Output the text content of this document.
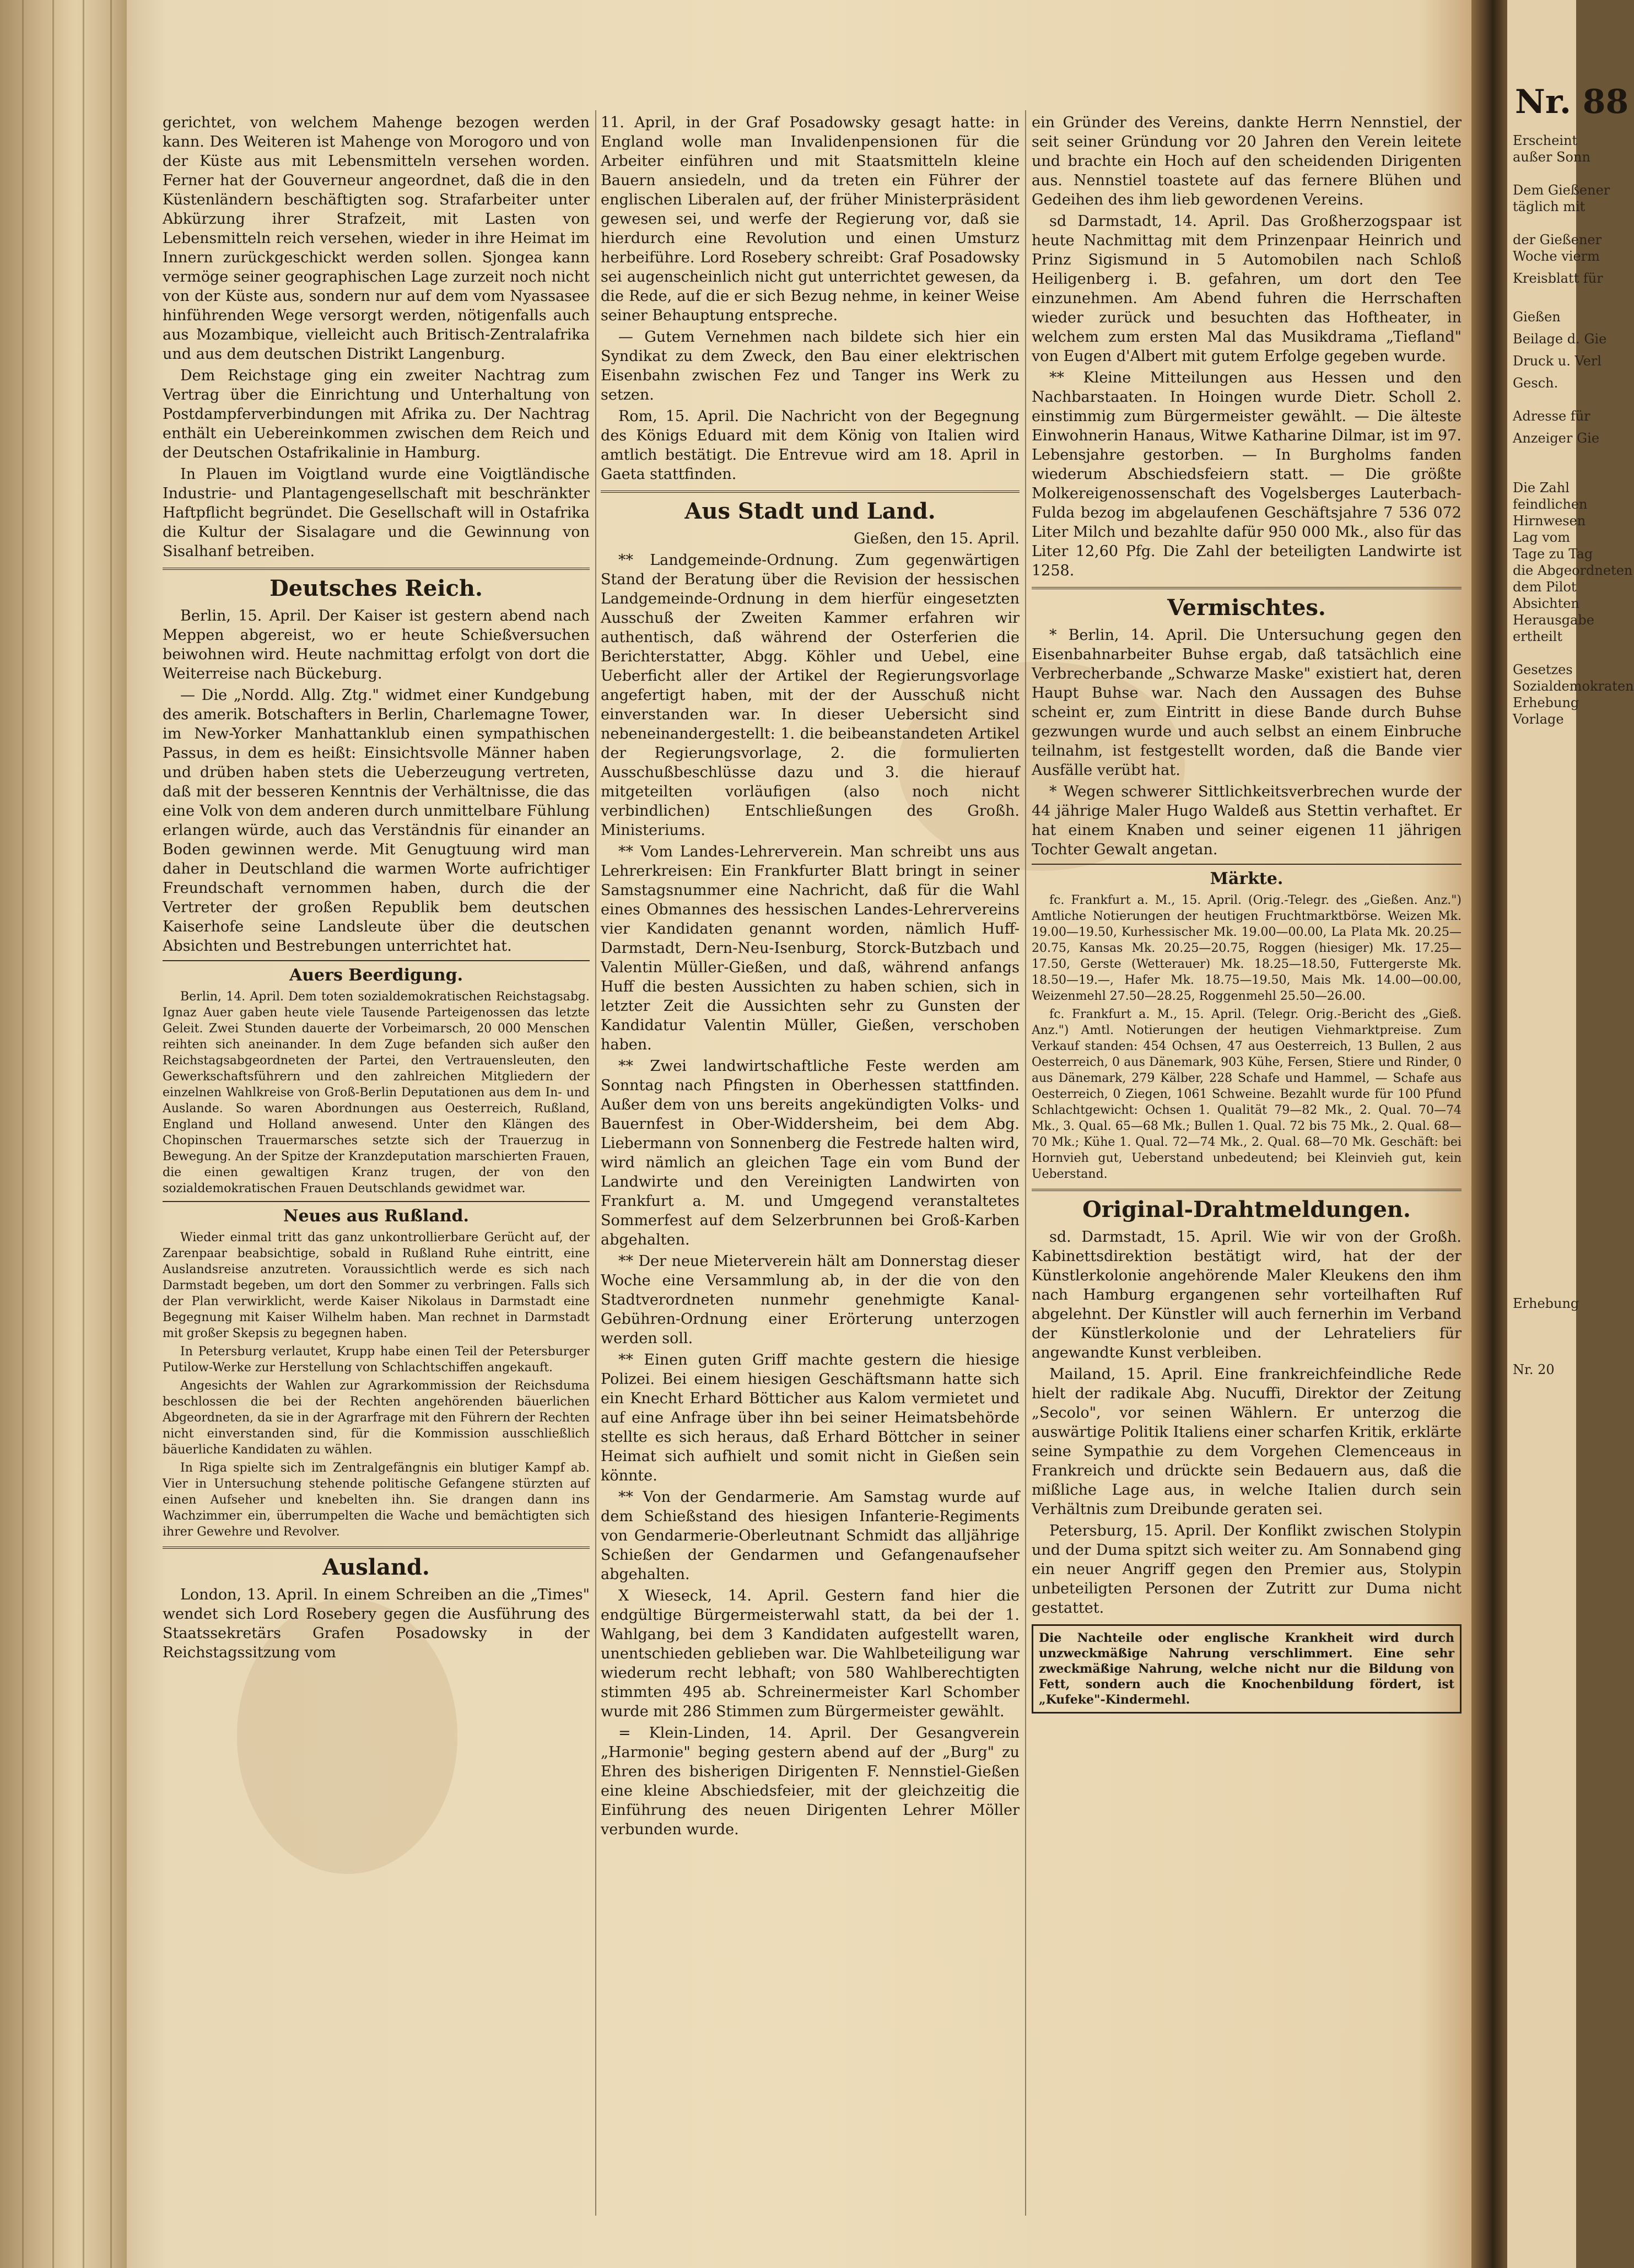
gerichtet, von welchem Mahenge bezogen werden kann. Des Weiteren ist Mahenge von Morogoro und von der Küste aus mit Lebensmitteln versehen worden. Ferner hat der Gouverneur angeordnet, daß die in den Küstenländern beschäftigten sog. Strafarbeiter unter Abkürzung ihrer Strafzeit, mit Lasten von Lebensmitteln reich versehen, wieder in ihre Heimat im Innern zurückgeschickt werden sollen. Sjongea kann vermöge seiner geographischen Lage zurzeit noch nicht von der Küste aus, sondern nur auf dem vom Nyassasee hinführenden Wege versorgt werden, nötigenfalls auch aus Mozambique, vielleicht auch Britisch-Zentralafrika und aus dem deutschen Distrikt Langenburg.

Dem Reichstage ging ein zweiter Nachtrag zum Vertrag über die Einrichtung und Unterhaltung von Postdampferverbindungen mit Afrika zu. Der Nachtrag enthält ein Uebereinkommen zwischen dem Reich und der Deutschen Ostafrikalinie in Hamburg.

In Plauen im Voigtland wurde eine Voigtländische Industrie- und Plantagengesellschaft mit beschränkter Haftpflicht begründet. Die Gesellschaft will in Ostafrika die Kultur der Sisalagare und die Gewinnung von Sisalhanf betreiben.

Deutsches Reich.

Berlin, 15. April. Der Kaiser ist gestern abend nach Meppen abgereist, wo er heute Schießversuchen beiwohnen wird. Heute nachmittag erfolgt von dort die Weiterreise nach Bückeburg.

— Die „Nordd. Allg. Ztg." widmet einer Kundgebung des amerik. Botschafters in Berlin, Charlemagne Tower, im New-Yorker Manhattanklub einen sympathischen Passus, in dem es heißt: Einsichtsvolle Männer haben und drüben haben stets die Ueberzeugung vertreten, daß mit der besseren Kenntnis der Verhältnisse, die das eine Volk von dem anderen durch unmittelbare Fühlung erlangen würde, auch das Verständnis für einander an Boden gewinnen werde. Mit Genugtuung wird man daher in Deutschland die warmen Worte aufrichtiger Freundschaft vernommen haben, durch die der Vertreter der großen Republik bem deutschen Kaiserhofe seine Landsleute über die deutschen Absichten und Bestrebungen unterrichtet hat.

Auers Beerdigung.

Berlin, 14. April. Dem toten sozialdemokratischen Reichstagsabg. Ignaz Auer gaben heute viele Tausende Parteigenossen das letzte Geleit. Zwei Stunden dauerte der Vorbeimarsch, 20 000 Menschen reihten sich aneinander. In dem Zuge befanden sich außer den Reichstagsabgeordneten der Partei, den Vertrauensleuten, den Gewerkschaftsführern und den zahlreichen Mitgliedern der einzelnen Wahlkreise von Groß-Berlin Deputationen aus dem In- und Auslande. So waren Abordnungen aus Oesterreich, Rußland, England und Holland anwesend. Unter den Klängen des Chopinschen Trauermarsches setzte sich der Trauerzug in Bewegung. An der Spitze der Kranzdeputation marschierten Frauen, die einen gewaltigen Kranz trugen, der von den sozialdemokratischen Frauen Deutschlands gewidmet war.

Neues aus Rußland.

Wieder einmal tritt das ganz unkontrollierbare Gerücht auf, der Zarenpaar beabsichtige, sobald in Rußland Ruhe eintritt, eine Auslandsreise anzutreten. Voraussichtlich werde es sich nach Darmstadt begeben, um dort den Sommer zu verbringen. Falls sich der Plan verwirklicht, werde Kaiser Nikolaus in Darmstadt eine Begegnung mit Kaiser Wilhelm haben. Man rechnet in Darmstadt mit großer Skepsis zu begegnen haben.

In Petersburg verlautet, Krupp habe einen Teil der Petersburger Putilow-Werke zur Herstellung von Schlachtschiffen angekauft.

Angesichts der Wahlen zur Agrarkommission der Reichsduma beschlossen die bei der Rechten angehörenden bäuerlichen Abgeordneten, da sie in der Agrarfrage mit den Führern der Rechten nicht einverstanden sind, für die Kommission ausschließlich bäuerliche Kandidaten zu wählen.

In Riga spielte sich im Zentralgefängnis ein blutiger Kampf ab. Vier in Untersuchung stehende politische Gefangene stürzten auf einen Aufseher und knebelten ihn. Sie drangen dann ins Wachzimmer ein, überrumpelten die Wache und bemächtigten sich ihrer Gewehre und Revolver.

Ausland.

London, 13. April. In einem Schreiben an die „Times" wendet sich Lord Rosebery gegen die Ausführung des Staatssekretärs Grafen Posadowsky in der Reichstagssitzung vom

11. April, in der Graf Posadowsky gesagt hatte: in England wolle man Invalidenpensionen für die Arbeiter einführen und mit Staatsmitteln kleine Bauern ansiedeln, und da treten ein Führer der englischen Liberalen auf, der früher Ministerpräsident gewesen sei, und werfe der Regierung vor, daß sie hierdurch eine Revolution und einen Umsturz herbeiführe. Lord Rosebery schreibt: Graf Posadowsky sei augenscheinlich nicht gut unterrichtet gewesen, da die Rede, auf die er sich Bezug nehme, in keiner Weise seiner Behauptung entspreche.

— Gutem Vernehmen nach bildete sich hier ein Syndikat zu dem Zweck, den Bau einer elektrischen Eisenbahn zwischen Fez und Tanger ins Werk zu setzen.

Rom, 15. April. Die Nachricht von der Begegnung des Königs Eduard mit dem König von Italien wird amtlich bestätigt. Die Entrevue wird am 18. April in Gaeta stattfinden.

Aus Stadt und Land.

Gießen, den 15. April.

** Landgemeinde-Ordnung. Zum gegenwärtigen Stand der Beratung über die Revision der hessischen Landgemeinde-Ordnung in dem hierfür eingesetzten Ausschuß der Zweiten Kammer erfahren wir authentisch, daß während der Osterferien die Berichterstatter, Abgg. Köhler und Uebel, eine Ueberficht aller der Artikel der Regierungsvorlage angefertigt haben, mit der der Ausschuß nicht einverstanden war. In dieser Uebersicht sind nebeneinandergestellt: 1. die beibeanstandeten Artikel der Regierungsvorlage, 2. die formulierten Ausschußbeschlüsse dazu und 3. die hierauf mitgeteilten vorläufigen (also noch nicht verbindlichen) Entschließungen des Großh. Ministeriums.

** Vom Landes-Lehrerverein. Man schreibt uns aus Lehrerkreisen: Ein Frankfurter Blatt bringt in seiner Samstagsnummer eine Nachricht, daß für die Wahl eines Obmannes des hessischen Landes-Lehrervereins vier Kandidaten genannt worden, nämlich Huff-Darmstadt, Dern-Neu-Isenburg, Storck-Butzbach und Valentin Müller-Gießen, und daß, während anfangs Huff die besten Aussichten zu haben schien, sich in letzter Zeit die Aussichten sehr zu Gunsten der Kandidatur Valentin Müller, Gießen, verschoben haben.

** Zwei landwirtschaftliche Feste werden am Sonntag nach Pfingsten in Oberhessen stattfinden. Außer dem von uns bereits angekündigten Volks- und Bauernfest in Ober-Widdersheim, bei dem Abg. Liebermann von Sonnenberg die Festrede halten wird, wird nämlich an gleichen Tage ein vom Bund der Landwirte und den Vereinigten Landwirten von Frankfurt a. M. und Umgegend veranstaltetes Sommerfest auf dem Selzerbrunnen bei Groß-Karben abgehalten.

** Der neue Mieterverein hält am Donnerstag dieser Woche eine Versammlung ab, in der die von den Stadtverordneten nunmehr genehmigte Kanal-Gebühren-Ordnung einer Erörterung unterzogen werden soll.

** Einen guten Griff machte gestern die hiesige Polizei. Bei einem hiesigen Geschäftsmann hatte sich ein Knecht Erhard Bötticher aus Kalom vermietet und auf eine Anfrage über ihn bei seiner Heimatsbehörde stellte es sich heraus, daß Erhard Böttcher in seiner Heimat sich aufhielt und somit nicht in Gießen sein könnte.

** Von der Gendarmerie. Am Samstag wurde auf dem Schießstand des hiesigen Infanterie-Regiments von Gendarmerie-Oberleutnant Schmidt das alljährige Schießen der Gendarmen und Gefangenaufseher abgehalten.

X Wieseck, 14. April. Gestern fand hier die endgültige Bürgermeisterwahl statt, da bei der 1. Wahlgang, bei dem 3 Kandidaten aufgestellt waren, unentschieden geblieben war. Die Wahlbeteiligung war wiederum recht lebhaft; von 580 Wahlberechtigten stimmten 495 ab. Schreinermeister Karl Schomber wurde mit 286 Stimmen zum Bürgermeister gewählt.

= Klein-Linden, 14. April. Der Gesangverein „Harmonie" beging gestern abend auf der „Burg" zu Ehren des bisherigen Dirigenten F. Nennstiel-Gießen eine kleine Abschiedsfeier, mit der gleichzeitig die Einführung des neuen Dirigenten Lehrer Möller verbunden wurde.

ein Gründer des Vereins, dankte Herrn Nennstiel, der seit seiner Gründung vor 20 Jahren den Verein leitete und brachte ein Hoch auf den scheidenden Dirigenten aus. Nennstiel toastete auf das fernere Blühen und Gedeihen des ihm lieb gewordenen Vereins.

sd Darmstadt, 14. April. Das Großherzogspaar ist heute Nachmittag mit dem Prinzenpaar Heinrich und Prinz Sigismund in 5 Automobilen nach Schloß Heiligenberg i. B. gefahren, um dort den Tee einzunehmen. Am Abend fuhren die Herrschaften wieder zurück und besuchten das Hoftheater, in welchem zum ersten Mal das Musikdrama „Tiefland" von Eugen d'Albert mit gutem Erfolge gegeben wurde.

** Kleine Mitteilungen aus Hessen und den Nachbarstaaten. In Hoingen wurde Dietr. Scholl 2. einstimmig zum Bürgermeister gewählt. — Die älteste Einwohnerin Hanaus, Witwe Katharine Dilmar, ist im 97. Lebensjahre gestorben. — In Burgholms fanden wiederum Abschiedsfeiern statt. — Die größte Molkereigenossenschaft des Vogelsberges Lauterbach-Fulda bezog im abgelaufenen Geschäftsjahre 7 536 072 Liter Milch und bezahlte dafür 950 000 Mk., also für das Liter 12,60 Pfg. Die Zahl der beteiligten Landwirte ist 1258.

Vermischtes.

* Berlin, 14. April. Die Untersuchung gegen den Eisenbahnarbeiter Buhse ergab, daß tatsächlich eine Verbrecherbande „Schwarze Maske" existiert hat, deren Haupt Buhse war. Nach den Aussagen des Buhse scheint er, zum Eintritt in diese Bande durch Buhse gezwungen wurde und auch selbst an einem Einbruche teilnahm, ist festgestellt worden, daß die Bande vier Ausfälle verübt hat.

* Wegen schwerer Sittlichkeitsverbrechen wurde der 44 jährige Maler Hugo Waldeß aus Stettin verhaftet. Er hat einem Knaben und seiner eigenen 11 jährigen Tochter Gewalt angetan.

Märkte.

fc. Frankfurt a. M., 15. April. (Orig.-Telegr. des „Gießen. Anz.") Amtliche Notierungen der heutigen Fruchtmarktbörse. Weizen Mk. 19.00—19.50, Kurhessischer Mk. 19.00—00.00, La Plata Mk. 20.25—20.75, Kansas Mk. 20.25—20.75, Roggen (hiesiger) Mk. 17.25—17.50, Gerste (Wetterauer) Mk. 18.25—18.50, Futtergerste Mk. 18.50—19.—, Hafer Mk. 18.75—19.50, Mais Mk. 14.00—00.00, Weizenmehl 27.50—28.25, Roggenmehl 25.50—26.00.

fc. Frankfurt a. M., 15. April. (Telegr. Orig.-Bericht des „Gieß. Anz.") Amtl. Notierungen der heutigen Viehmarktpreise. Zum Verkauf standen: 454 Ochsen, 47 aus Oesterreich, 13 Bullen, 2 aus Oesterreich, 0 aus Dänemark, 903 Kühe, Fersen, Stiere und Rinder, 0 aus Dänemark, 279 Kälber, 228 Schafe und Hammel, — Schafe aus Oesterreich, 0 Ziegen, 1061 Schweine. Bezahlt wurde für 100 Pfund Schlachtgewicht: Ochsen 1. Qualität 79—82 Mk., 2. Qual. 70—74 Mk., 3. Qual. 65—68 Mk.; Bullen 1. Qual. 72 bis 75 Mk., 2. Qual. 68—70 Mk.; Kühe 1. Qual. 72—74 Mk., 2. Qual. 68—70 Mk. Geschäft: bei Hornvieh gut, Ueberstand unbedeutend; bei Kleinvieh gut, kein Ueberstand.

Original-Drahtmeldungen.

sd. Darmstadt, 15. April. Wie wir von der Großh. Kabinettsdirektion bestätigt wird, hat der der Künstlerkolonie angehörende Maler Kleukens den ihm nach Hamburg ergangenen sehr vorteilhaften Ruf abgelehnt. Der Künstler will auch fernerhin im Verband der Künstlerkolonie und der Lehrateliers für angewandte Kunst verbleiben.

Mailand, 15. April. Eine frankreichfeindliche Rede hielt der radikale Abg. Nucuffi, Direktor der Zeitung „Secolo", vor seinen Wählern. Er unterzog die auswärtige Politik Italiens einer scharfen Kritik, erklärte seine Sympathie zu dem Vorgehen Clemenceaus in Frankreich und drückte sein Bedauern aus, daß die mißliche Lage aus, in welche Italien durch sein Verhältnis zum Dreibunde geraten sei.

Petersburg, 15. April. Der Konflikt zwischen Stolypin und der Duma spitzt sich weiter zu. Am Sonnabend ging ein neuer Angriff gegen den Premier aus, Stolypin unbeteiligten Personen der Zutritt zur Duma nicht gestattet.

Die Nachteile oder englische Krankheit wird durch unzweckmäßige Nahrung verschlimmert. Eine sehr zweckmäßige Nahrung, welche nicht nur die Bildung von Fett, sondern auch die Knochenbildung fördert, ist „Kufeke"-Kindermehl.
Nr. 88
Erscheint
außer Sonn
Dem Gießener
täglich mit
der Gießener
Woche vierm
Kreisblatt für
Gießen
Beilage d. Gie
Druck u. Verl
Gesch.
Adresse für
Anzeiger Gie
Die Zahl
feindlichen
Hirnwesen
Lag vom
Tage zu Tag
die Abgeordneten
dem Pilot
Absichten
Herausgabe
ertheilt
Erhebung
Gesetzes
Sozialdemokraten
Erhebung
Vorlage
Nr. 20
